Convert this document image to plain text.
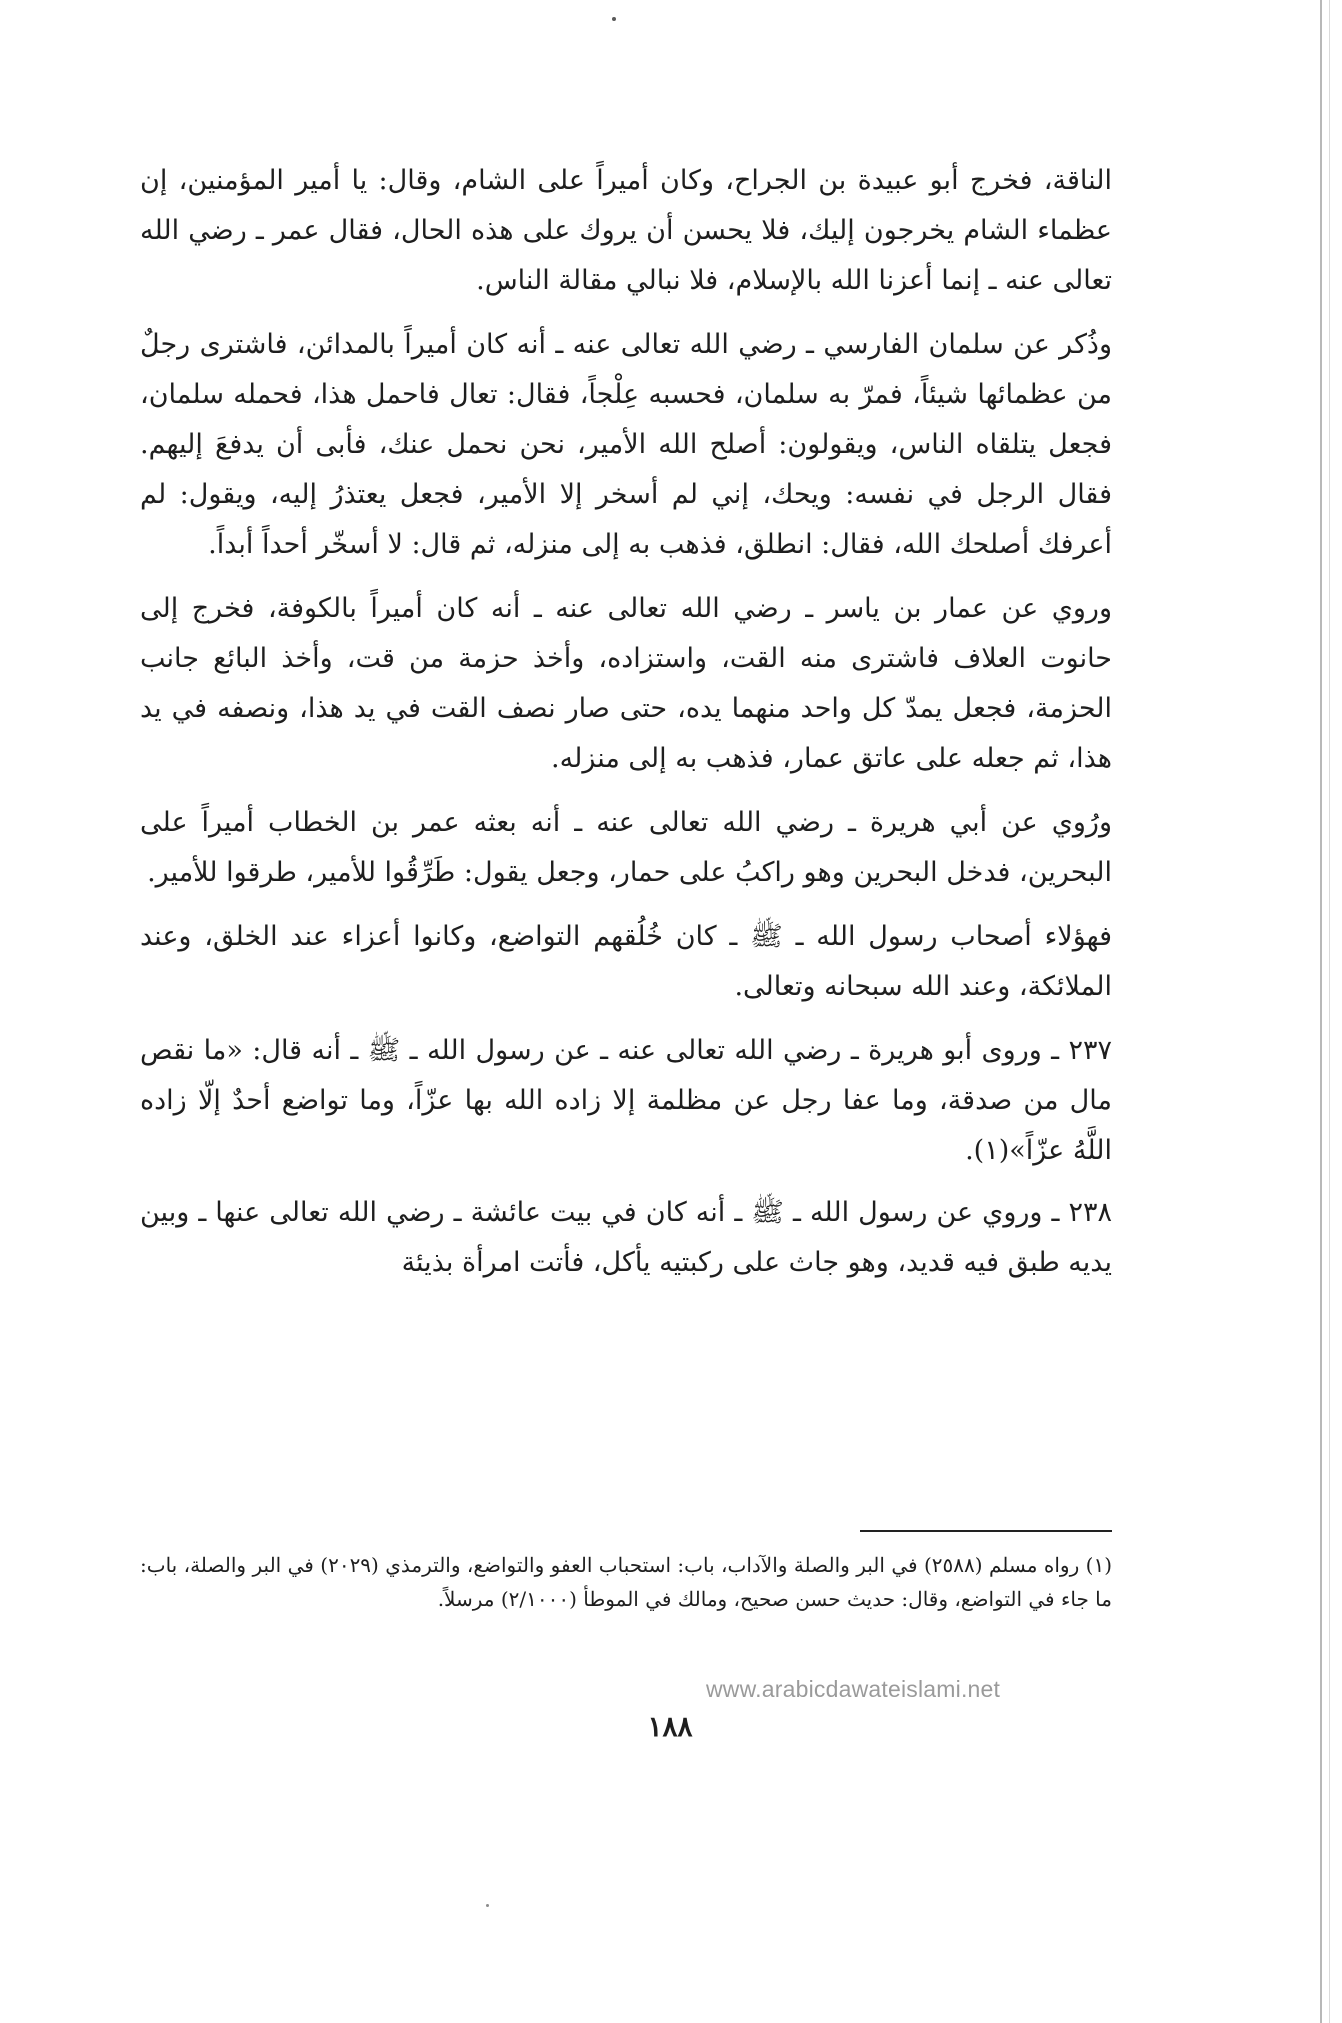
الناقة، فخرج أبو عبيدة بن الجراح، وكان أميراً على الشام، وقال: يا أمير المؤمنين، إن عظماء الشام يخرجون إليك، فلا يحسن أن يروك على هذه الحال، فقال عمر ـ رضي الله تعالى عنه ـ إنما أعزنا الله بالإسلام، فلا نبالي مقالة الناس.

وذُكر عن سلمان الفارسي ـ رضي الله تعالى عنه ـ أنه كان أميراً بالمدائن، فاشترى رجلٌ من عظمائها شيئاً، فمرّ به سلمان، فحسبه عِلْجاً، فقال: تعال فاحمل هذا، فحمله سلمان، فجعل يتلقاه الناس، ويقولون: أصلح الله الأمير، نحن نحمل عنك، فأبى أن يدفعَ إليهم. فقال الرجل في نفسه: ويحك، إني لم أسخر إلا الأمير، فجعل يعتذرُ إليه، ويقول: لم أعرفك أصلحك الله، فقال: انطلق، فذهب به إلى منزله، ثم قال: لا أسخّر أحداً أبداً.

وروي عن عمار بن ياسر ـ رضي الله تعالى عنه ـ أنه كان أميراً بالكوفة، فخرج إلى حانوت العلاف فاشترى منه القت، واستزاده، وأخذ حزمة من قت، وأخذ البائع جانب الحزمة، فجعل يمدّ كل واحد منهما يده، حتى صار نصف القت في يد هذا، ونصفه في يد هذا، ثم جعله على عاتق عمار، فذهب به إلى منزله.

ورُوي عن أبي هريرة ـ رضي الله تعالى عنه ـ أنه بعثه عمر بن الخطاب أميراً على البحرين، فدخل البحرين وهو راكبُ على حمار، وجعل يقول: طَرِّقُوا للأمير، طرقوا للأمير.

فهؤلاء أصحاب رسول الله ـ ﷺ ـ كان خُلُقهم التواضع، وكانوا أعزاء عند الخلق، وعند الملائكة، وعند الله سبحانه وتعالى.

٢٣٧ ـ وروى أبو هريرة ـ رضي الله تعالى عنه ـ عن رسول الله ـ ﷺ ـ أنه قال: «ما نقص مال من صدقة، وما عفا رجل عن مظلمة إلا زاده الله بها عزّاً، وما تواضع أحدٌ إلّا زاده اللَّهُ عزّاً»(١).

٢٣٨ ـ وروي عن رسول الله ـ ﷺ ـ أنه كان في بيت عائشة ـ رضي الله تعالى عنها ـ وبين يديه طبق فيه قديد، وهو جاث على ركبتيه يأكل، فأتت امرأة بذيئة

(١) رواه مسلم (٢٥٨٨) في البر والصلة والآداب، باب: استحباب العفو والتواضع، والترمذي (٢٠٢٩) في البر والصلة، باب: ما جاء في التواضع، وقال: حديث حسن صحيح، ومالك في الموطأ (٢/١٠٠٠) مرسلاً.

www.arabicdawateislami.net
١٨٨
